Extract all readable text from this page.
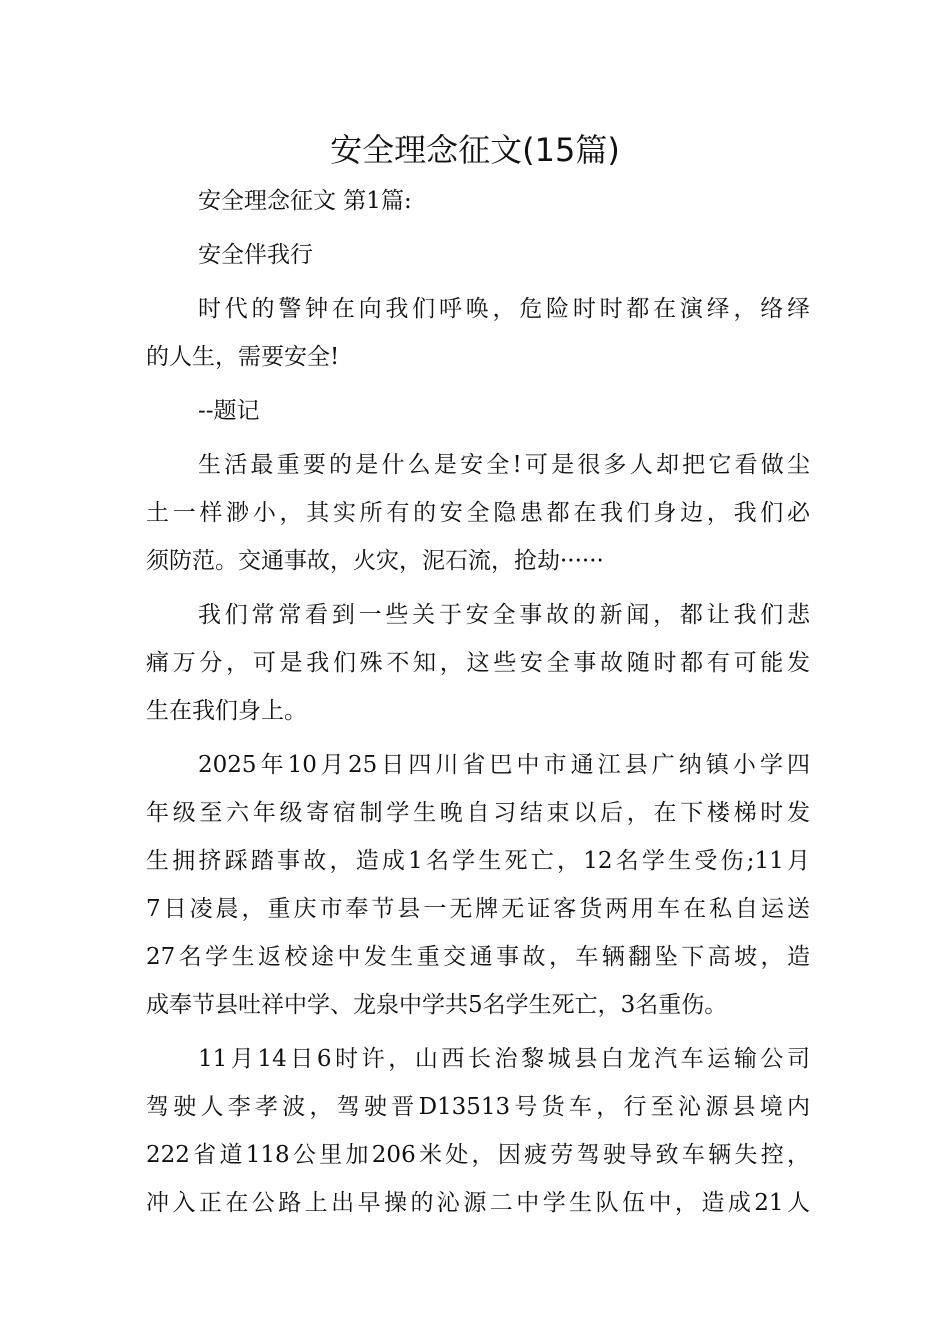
安全理念征文(15篇)
安全理念征文 第1篇:
安全伴我行
时代的警钟在向我们呼唤，危险时时都在演绎，络绎
的人生，需要安全!
--题记
生活最重要的是什么是安全!可是很多人却把它看做尘
土一样渺小，其实所有的安全隐患都在我们身边，我们必
须防范。交通事故，火灾，泥石流，抢劫······
我们常常看到一些关于安全事故的新闻，都让我们悲
痛万分，可是我们殊不知，这些安全事故随时都有可能发
生在我们身上。
2025年10月25日四川省巴中市通江县广纳镇小学四
年级至六年级寄宿制学生晚自习结束以后，在下楼梯时发
生拥挤踩踏事故，造成1名学生死亡，12名学生受伤;11月
7日凌晨，重庆市奉节县一无牌无证客货两用车在私自运送
27名学生返校途中发生重交通事故，车辆翻坠下高坡，造
成奉节县吐祥中学、龙泉中学共5名学生死亡，3名重伤。
11月14日6时许，山西长治黎城县白龙汽车运输公司
驾驶人李孝波，驾驶晋D13513号货车，行至沁源县境内
222省道118公里加206米处，因疲劳驾驶导致车辆失控，
冲入正在公路上出早操的沁源二中学生队伍中，造成21人
